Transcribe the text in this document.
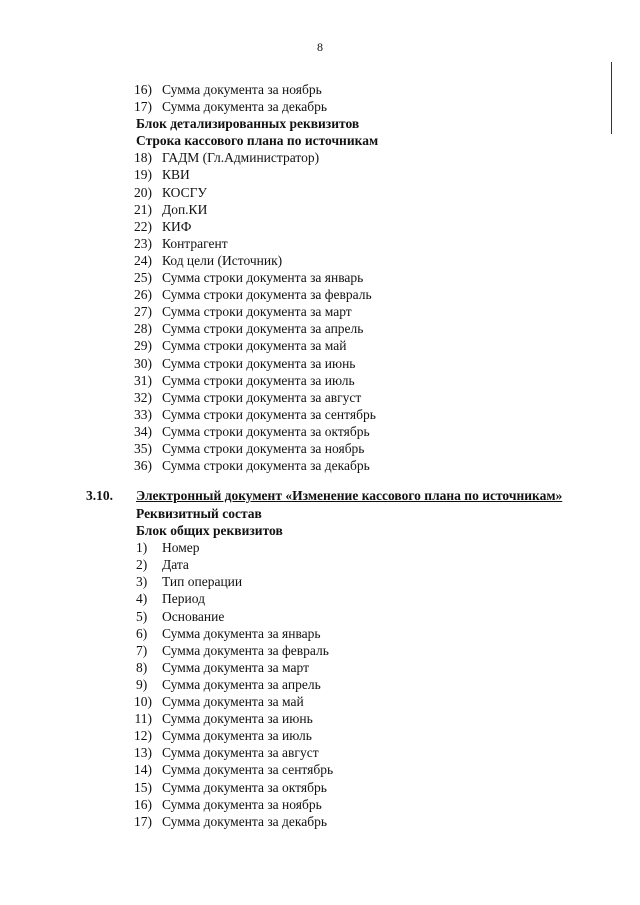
8
16) Сумма документа за ноябрь
17) Сумма документа за декабрь
Блок детализированных реквизитов
Строка кассового плана по источникам
18) ГАДМ (Гл.Администратор)
19) КВИ
20) КОСГУ
21) Доп.КИ
22) КИФ
23) Контрагент
24) Код цели (Источник)
25) Сумма строки документа за январь
26) Сумма строки документа за февраль
27) Сумма строки документа за март
28) Сумма строки документа за апрель
29) Сумма строки документа за май
30) Сумма строки документа за июнь
31) Сумма строки документа за июль
32) Сумма строки документа за август
33) Сумма строки документа за сентябрь
34) Сумма строки документа за октябрь
35) Сумма строки документа за ноябрь
36) Сумма строки документа за декабрь
3.10. Электронный документ «Изменение кассового плана по источникам»
Реквизитный состав
Блок общих реквизитов
1)	Номер
2)	Дата
3)	Тип операции
4)	Период
5)	Основание
6)	Сумма документа за январь
7)	Сумма документа за февраль
8)	Сумма документа за март
9)	Сумма документа за апрель
10) Сумма документа за май
11) Сумма документа за июнь
12) Сумма документа за июль
13) Сумма документа за август
14) Сумма документа за сентябрь
15) Сумма документа за октябрь
16) Сумма документа за ноябрь
17) Сумма документа за декабрь
